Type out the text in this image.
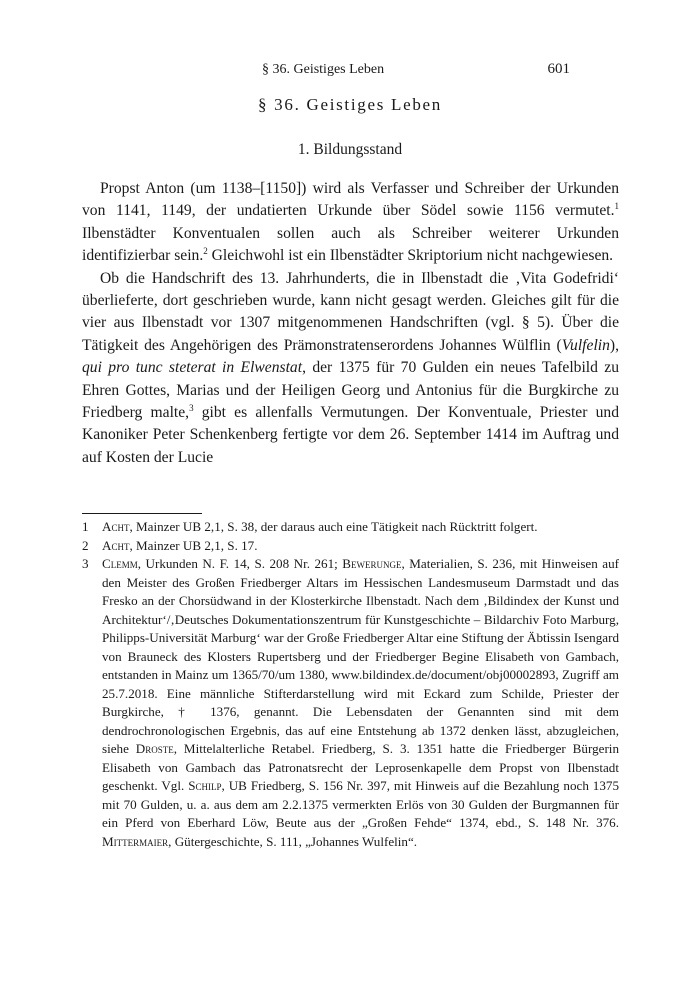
§ 36. Geistiges Leben	601
§ 36. Geistiges Leben
1. Bildungsstand

Propst Anton (um 1138–[1150]) wird als Verfasser und Schreiber der Urkunden von 1141, 1149, der undatierten Urkunde über Södel sowie 1156 vermutet.$^1$ Ilbenstädter Konventualen sollen auch als Schreiber weiterer Urkunden identifizierbar sein.$^2$ Gleichwohl ist ein Ilbenstädter Skriptorium nicht nachgewiesen.

Ob die Handschrift des 13. Jahrhunderts, die in Ilbenstadt die ‚Vita Godefridi‘ überlieferte, dort geschrieben wurde, kann nicht gesagt werden. Gleiches gilt für die vier aus Ilbenstadt vor 1307 mitgenommenen Handschriften (vgl. § 5). Über die Tätigkeit des Angehörigen des Prämonstratenserordens Johannes Wülflin (Vulfelin), qui pro tunc steterat in Elwenstat, der 1375 für 70 Gulden ein neues Tafelbild zu Ehren Gottes, Marias und der Heiligen Georg und Antonius für die Burgkirche zu Friedberg malte,$^3$ gibt es allenfalls Vermutungen. Der Konventuale, Priester und Kanoniker Peter Schenkenberg fertigte vor dem 26. September 1414 im Auftrag und auf Kosten der Lucie

1	Acht, Mainzer UB 2,1, S. 38, der daraus auch eine Tätigkeit nach Rücktritt folgert.
2	Acht, Mainzer UB 2,1, S. 17.
3	Clemm, Urkunden N. F. 14, S. 208 Nr. 261; Bewerunge, Materialien, S. 236, mit Hinweisen auf den Meister des Großen Friedberger Altars im Hessischen Landesmuseum Darmstadt und das Fresko an der Chorsüdwand in der Klosterkirche Ilbenstadt. Nach dem ‚Bildindex der Kunst und Architektur‘/‚Deutsches Dokumentationszentrum für Kunstgeschichte – Bildarchiv Foto Marburg, Philipps-Universität Marburg‘ war der Große Friedberger Altar eine Stiftung der Äbtissin Isengard von Brauneck des Klosters Rupertsberg und der Friedberger Begine Elisabeth von Gambach, entstanden in Mainz um 1365/70/um 1380, www.bildindex.de/document/obj00002893, Zugriff am 25.7.2018. Eine männliche Stifterdarstellung wird mit Eckard zum Schilde, Priester der Burgkirche, † 1376, genannt. Die Lebensdaten der Genannten sind mit dem dendrochronologischen Ergebnis, das auf eine Entstehung ab 1372 denken lässt, abzugleichen, siehe Droste, Mittelalterliche Retabel. Friedberg, S. 3. 1351 hatte die Friedberger Bürgerin Elisabeth von Gambach das Patronatsrecht der Leprosenkapelle dem Propst von Ilbenstadt geschenkt. Vgl. Schilp, UB Friedberg, S. 156 Nr. 397, mit Hinweis auf die Bezahlung noch 1375 mit 70 Gulden, u. a. aus dem am 2.2.1375 vermerkten Erlös von 30 Gulden der Burgmannen für ein Pferd von Eberhard Löw, Beute aus der „Großen Fehde“ 1374, ebd., S. 148 Nr. 376. Mittermaier, Gütergeschichte, S. 111, „Johannes Wulfelin“.
